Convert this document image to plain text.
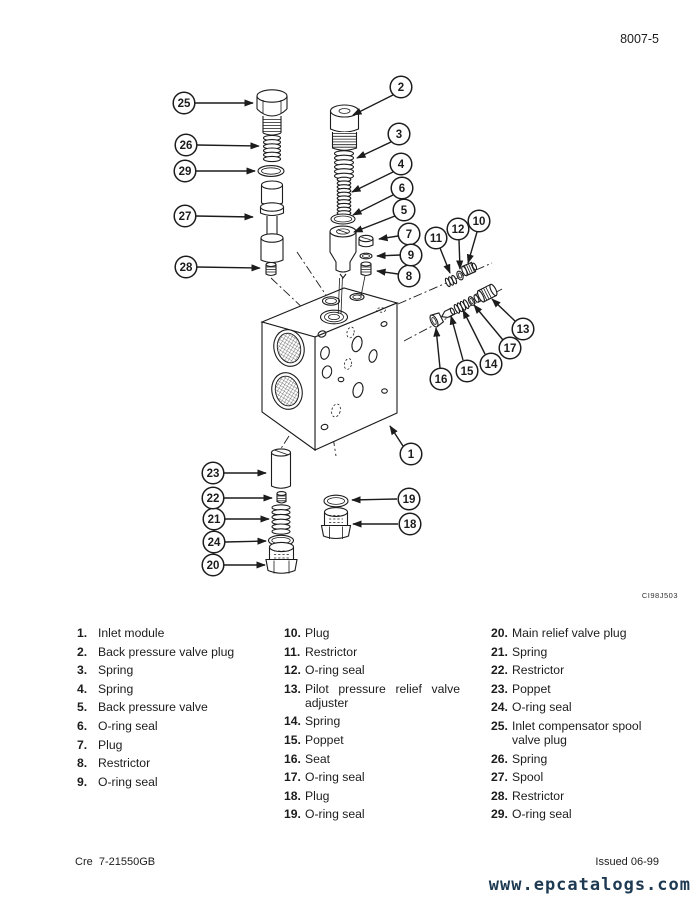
8007-5
1
2
3
4
5
6
7
8
9
10
11
12
13
14
15
16
17
18
19
20
21
22
23
24
25
26
27
28
29
CI98J503
1. Inlet module
2. Back pressure valve plug
3. Spring
4. Spring
5. Back pressure valve
6. O-ring seal
7. Plug
8. Restrictor
9. O-ring seal
10. Plug
11. Restrictor
12. O-ring seal
13. Pilot pressure relief valve adjuster
14. Spring
15. Poppet
16. Seat
17. O-ring seal
18. Plug
19. O-ring seal
20. Main relief valve plug
21. Spring
22. Restrictor
23. Poppet
24. O-ring seal
25. Inlet compensator spool valve plug
26. Spring
27. Spool
28. Restrictor
29. O-ring seal
Cre  7-21550GB	Issued 06-99
www.epcatalogs.com
